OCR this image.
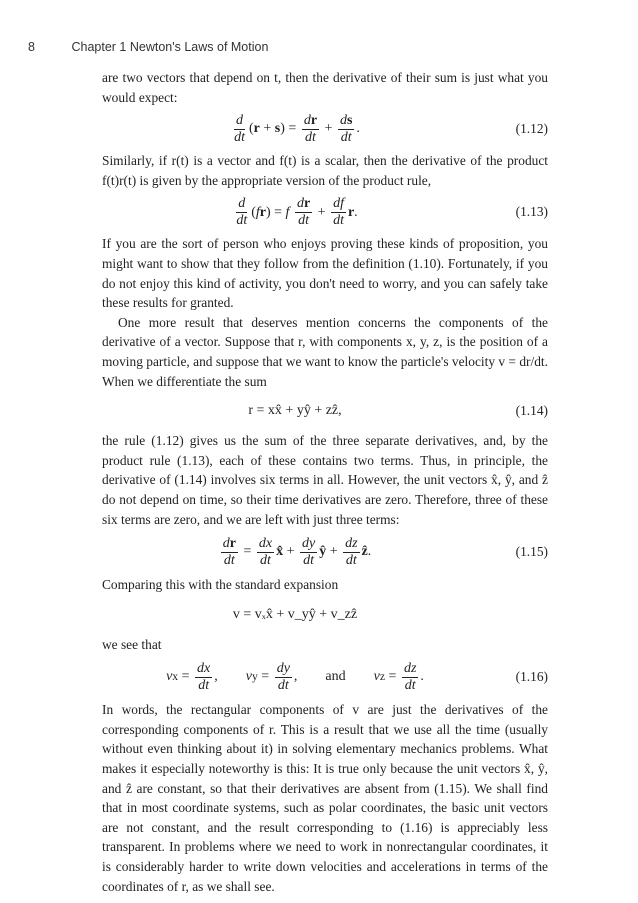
8	Chapter 1 Newton's Laws of Motion

are two vectors that depend on t, then the derivative of their sum is just what you would expect:

$\frac{d}{dt}$ ( r + s ) = $\frac{dr}{dt} + \frac{ds}{dt}$ .	(1.12)

Similarly, if r(t) is a vector and f(t) is a scalar, then the derivative of the product f(t)r(t) is given by the appropriate version of the product rule,

$\frac{d}{dt}$ ( f r ) = f
$\frac{dr}{dt} + \frac{df}{dt}$ r .	(1.13)

If you are the sort of person who enjoys proving these kinds of proposition, you might want to show that they follow from the definition (1.10). Fortunately, if you do not enjoy this kind of activity, you don't need to worry, and you can safely take these results for granted.

One more result that deserves mention concerns the components of the derivative of a vector. Suppose that r, with components x, y, z, is the position of a moving particle, and suppose that we want to know the particle's velocity v = dr/dt. When we differentiate the sum

r = xx̂ + yŷ + zẑ,	(1.14)

the rule (1.12) gives us the sum of the three separate derivatives, and, by the product rule (1.13), each of these contains two terms. Thus, in principle, the derivative of (1.14) involves six terms in all. However, the unit vectors x̂, ŷ, and ẑ do not depend on time, so their time derivatives are zero. Therefore, three of these six terms are zero, and we are left with just three terms:

$\frac{dr}{dt} = \frac{dx}{dt}$ x̂ + $\frac{dy}{dt}$ ŷ + $\frac{dz}{dt}$ ẑ .	(1.15)

Comparing this with the standard expansion

v = vₓx̂ + v_yŷ + v_zẑ

we see that

v $x = \frac{dx}{dt}$ , v $y = \frac{dy}{dt}$ , and v $z = \frac{dz}{dt}$ .	(1.16)

In words, the rectangular components of v are just the derivatives of the corresponding components of r. This is a result that we use all the time (usually without even thinking about it) in solving elementary mechanics problems. What makes it especially noteworthy is this: It is true only because the unit vectors x̂, ŷ, and ẑ are constant, so that their derivatives are absent from (1.15). We shall find that in most coordinate systems, such as polar coordinates, the basic unit vectors are not constant, and the result corresponding to (1.16) is appreciably less transparent. In problems where we need to work in nonrectangular coordinates, it is considerably harder to write down velocities and accelerations in terms of the coordinates of r, as we shall see.
